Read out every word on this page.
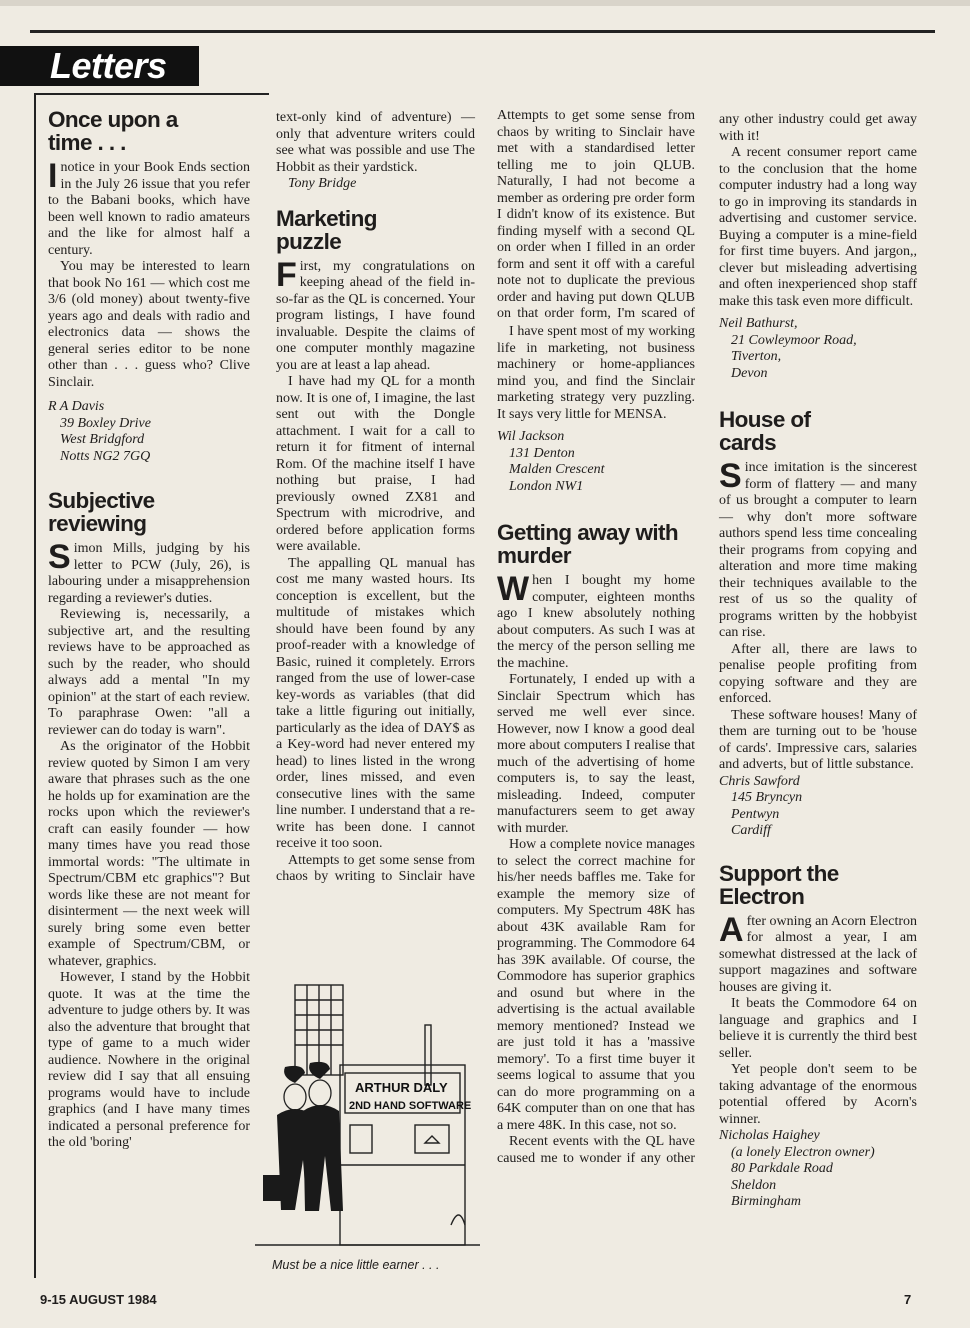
Letters
Once upon a time . . .

I notice in your Book Ends section in the July 26 issue that you refer to the Babani books, which have been well known to radio amateurs and the like for almost half a century.

You may be interested to learn that book No 161 — which cost me 3/6 (old money) about twenty-five years ago and deals with radio and electronics data — shows the general series editor to be none other than . . . guess who? Clive Sinclair.

R A Davis

39 Boxley Drive

West Bridgford

Notts NG2 7GQ

Subjective reviewing

Simon Mills, judging by his letter to PCW (July, 26), is labouring under a misapprehension regarding a reviewer's duties.

Reviewing is, necessarily, a subjective art, and the resulting reviews have to be approached as such by the reader, who should always add a mental "In my opinion" at the start of each review. To paraphrase Owen: "all a reviewer can do today is warn".

As the originator of the Hobbit review quoted by Simon I am very aware that phrases such as the one he holds up for examination are the rocks upon which the reviewer's craft can easily founder — how many times have you read those immortal words: "The ultimate in Spectrum/CBM etc graphics"? But words like these are not meant for disinterment — the next week will surely bring some even better example of Spectrum/CBM, or whatever, graphics.

However, I stand by the Hobbit quote. It was at the time the adventure to judge others by. It was also the adventure that brought that type of game to a much wider audience. Nowhere in the original review did I say that all ensuing programs would have to include graphics (and I have many times indicated a personal preference for the old 'boring'

text-only kind of adventure) — only that adventure writers could see what was possible and use The Hobbit as their yardstick.

Tony Bridge

Marketing puzzle

First, my congratulations on keeping ahead of the field in-so-far as the QL is concerned. Your program listings, I have found invaluable. Despite the claims of one computer monthly magazine you are at least a lap ahead.

I have had my QL for a month now. It is one of, I imagine, the last sent out with the Dongle attachment. I wait for a call to return it for fitment of internal Rom. Of the machine itself I have nothing but praise, I had previously owned ZX81 and Spectrum with microdrive, and ordered before application forms were available.

The appalling QL manual has cost me many wasted hours. Its conception is excellent, but the multitude of mistakes which should have been found by any proof-reader with a knowledge of Basic, ruined it completely. Errors ranged from the use of lower-case key-words as variables (that did take a little figuring out initially, particularly as the idea of DAY$ as a Key-word had never entered my head) to lines listed in the wrong order, lines missed, and even consecutive lines with the same line number. I understand that a re-write has been done. I cannot receive it too soon.

Attempts to get some sense from chaos by writing to Sinclair have

ARTHUR DALY
2ND HAND SOFTWARE
Must be a nice little earner . . .

Attempts to get some sense from chaos by writing to Sinclair have met with a standardised letter telling me to join QLUB. Naturally, I had not become a member as ordering pre order form I didn't know of its existence. But finding myself with a second QL on order when I filled in an order form and sent it off with a careful note not to duplicate the previous order and having put down QLUB on that order form, I'm scared of

I have spent most of my working life in marketing, not business machinery or home-appliances mind you, and find the Sinclair marketing strategy very puzzling. It says very little for MENSA.

Wil Jackson

131 Denton

Malden Crescent

London NW1

Getting away with murder

When I bought my home computer, eighteen months ago I knew absolutely nothing about computers. As such I was at the mercy of the person selling me the machine.

Fortunately, I ended up with a Sinclair Spectrum which has served me well ever since. However, now I know a good deal more about computers I realise that much of the advertising of home computers is, to say the least, misleading. Indeed, computer manufacturers seem to get away with murder.

How a complete novice manages to select the correct machine for his/her needs baffles me. Take for example the memory size of computers. My Spectrum 48K has about 43K available Ram for programming. The Commodore 64 has 39K available. Of course, the Commodore has superior graphics and osund but where in the advertising is the actual available memory mentioned? Instead we are just told it has a 'massive memory'. To a first time buyer it seems logical to assume that you can do more programming on a 64K computer than on one that has a mere 48K. In this case, not so.

Recent events with the QL have caused me to wonder if any other

any other industry could get away with it!

A recent consumer report came to the conclusion that the home computer industry had a long way to go in improving its standards in advertising and customer service. Buying a computer is a mine-field for first time buyers. And jargon,, clever but misleading advertising and often inexperienced shop staff make this task even more difficult.

Neil Bathurst,

21 Cowleymoor Road,

Tiverton,

Devon

House of cards

Since imitation is the sincerest form of flattery — and many of us brought a computer to learn — why don't more software authors spend less time concealing their programs from copying and alteration and more time making their techniques available to the rest of us so the quality of programs written by the hobbyist can rise.

After all, there are laws to penalise people profiting from copying software and they are enforced.

These software houses! Many of them are turning out to be 'house of cards'. Impressive cars, salaries and adverts, but of little substance.

Chris Sawford

145 Bryncyn

Pentwyn

Cardiff

Support the Electron

After owning an Acorn Electron for almost a year, I am somewhat distressed at the lack of support magazines and software houses are giving it.

It beats the Commodore 64 on language and graphics and I believe it is currently the third best seller.

Yet people don't seem to be taking advantage of the enormous potential offered by Acorn's winner.

Nicholas Haighey

(a lonely Electron owner)

80 Parkdale Road

Sheldon

Birmingham

9-15 AUGUST 1984	7
